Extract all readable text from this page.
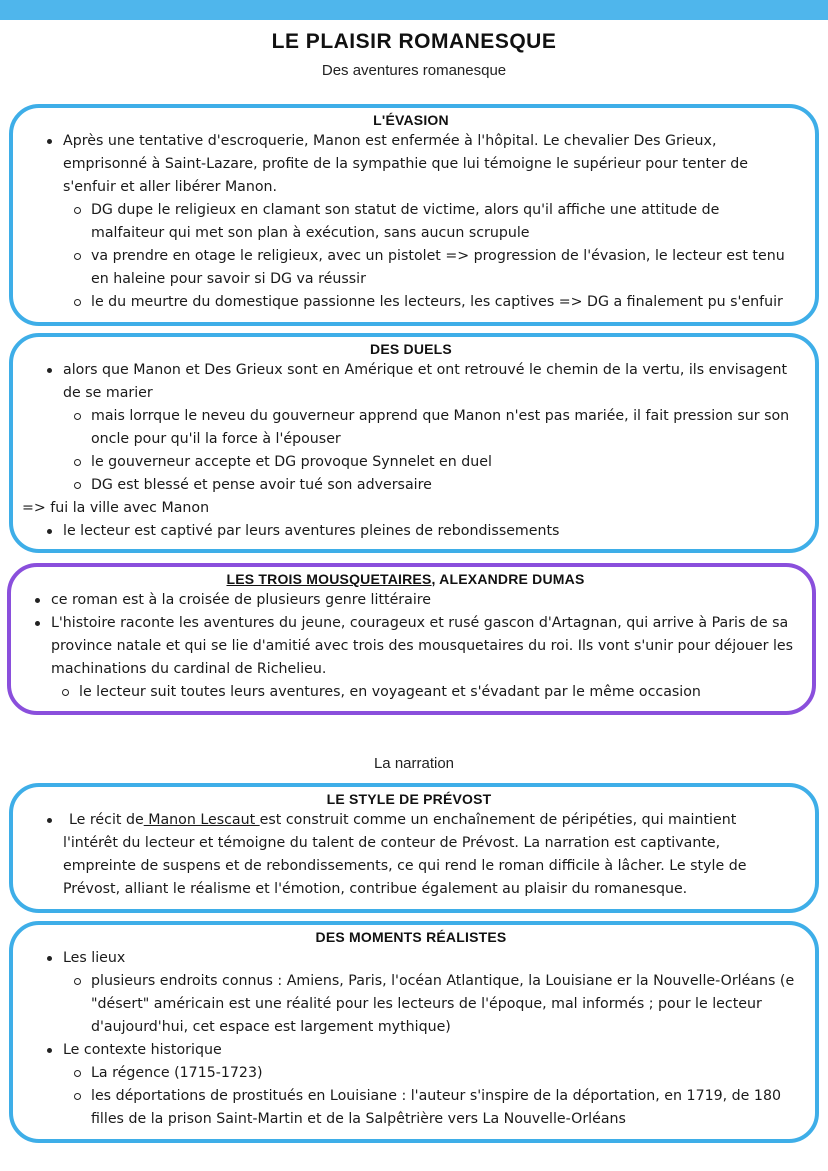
LE PLAISIR ROMANESQUE
Des aventures romanesque
L'ÉVASION
Après une tentative d'escroquerie, Manon est enfermée à l'hôpital. Le chevalier Des Grieux, emprisonné à Saint-Lazare, profite de la sympathie que lui témoigne le supérieur pour tenter de s'enfuir et aller libérer Manon.
DG dupe le religieux en clamant son statut de victime, alors qu'il affiche une attitude de malfaiteur qui met son plan à exécution, sans aucun scrupule
va prendre en otage le religieux, avec un pistolet => progression de l'évasion, le lecteur est tenu en haleine pour savoir si DG va réussir
le du meurtre du domestique passionne les lecteurs, les captives => DG a finalement pu s'enfuir
DES DUELS
alors que Manon et Des Grieux sont en Amérique et ont retrouvé le chemin de la vertu, ils envisagent de se marier
mais lorrque le neveu du gouverneur apprend que Manon n'est pas mariée, il fait pression sur son oncle pour qu'il la force à l'épouser
le gouverneur accepte et DG provoque Synnelet en duel
DG est blessé et pense avoir tué son adversaire
=> fui la ville avec Manon
le lecteur est captivé par leurs aventures pleines de rebondissements
LES TROIS MOUSQUETAIRES, ALEXANDRE DUMAS
ce roman est à la croisée de plusieurs genre littéraire
L'histoire raconte les aventures du jeune, courageux et rusé gascon d'Artagnan, qui arrive à Paris de sa province natale et qui se lie d'amitié avec trois des mousquetaires du roi. Ils vont s'unir pour déjouer les machinations du cardinal de Richelieu.
le lecteur suit toutes leurs aventures, en voyageant et s'évadant par le même occasion
La narration
LE STYLE DE PRÉVOST
Le récit de Manon Lescaut est construit comme un enchaînement de péripéties, qui maintient l'intérêt du lecteur et témoigne du talent de conteur de Prévost. La narration est captivante, empreinte de suspens et de rebondissements, ce qui rend le roman difficile à lâcher. Le style de Prévost, alliant le réalisme et l'émotion, contribue également au plaisir du romanesque.
DES MOMENTS RÉALISTES
Les lieux
plusieurs endroits connus : Amiens, Paris, l'océan Atlantique, la Louisiane er la Nouvelle-Orléans (e "désert" américain est une réalité pour les lecteurs de l'époque, mal informés ; pour le lecteur d'aujourd'hui, cet espace est largement mythique)
Le contexte historique
La régence (1715-1723)
les déportations de prostitués en Louisiane : l'auteur s'inspire de la déportation, en 1719, de 180 filles de la prison Saint-Martin et de la Salpêtrière vers La Nouvelle-Orléans
